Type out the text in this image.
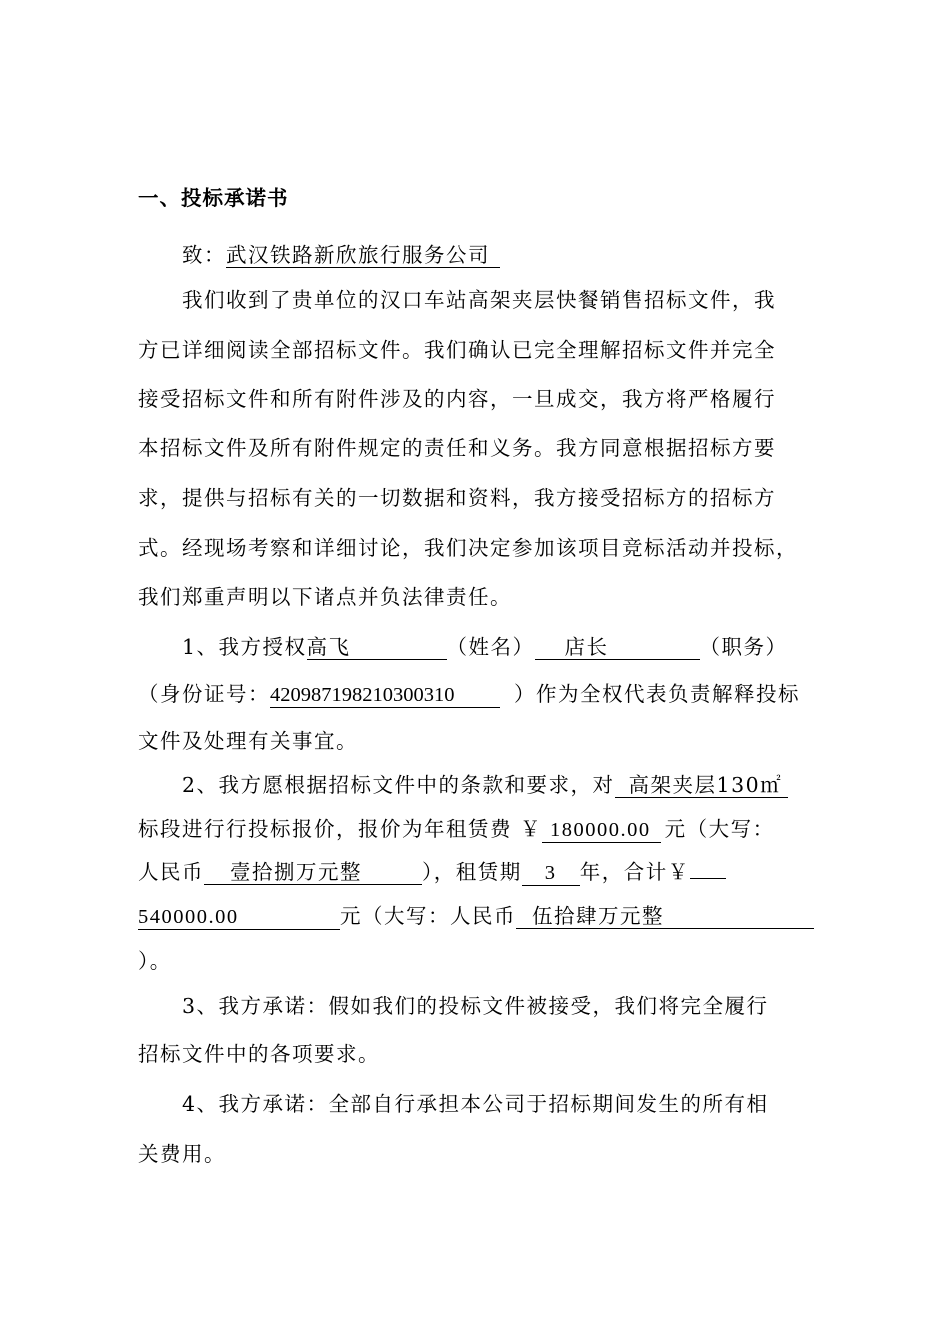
一、投标承诺书
致：武汉铁路新欣旅行服务公司
我们收到了贵单位的汉口车站高架夹层快餐销售招标文件，我
方已详细阅读全部招标文件。我们确认已完全理解招标文件并完全
接受招标文件和所有附件涉及的内容，一旦成交，我方将严格履行
本招标文件及所有附件规定的责任和义务。我方同意根据招标方要
求，提供与招标有关的一切数据和资料，我方接受招标方的招标方
式。经现场考察和详细讨论，我们决定参加该项目竞标活动并投标，
我们郑重声明以下诸点并负法律责任。
1、我方授权高飞	（姓名） 店长	（职务）
（身份证号：420987198210300310	）作为全权代表负责解释投标
文件及处理有关事宜。
2、我方愿根据招标文件中的条款和要求，对 高架夹层130㎡
标段进行行投标报价，报价为年租赁费 ￥ 180000.00 元（大写：
人民币 壹拾捌万元整	），租赁期 3 年，合计￥
540000.00	元（大写：人民币 伍拾肆万元整
）。
3、我方承诺：假如我们的投标文件被接受，我们将完全履行
招标文件中的各项要求。
4、我方承诺：全部自行承担本公司于招标期间发生的所有相
关费用。
